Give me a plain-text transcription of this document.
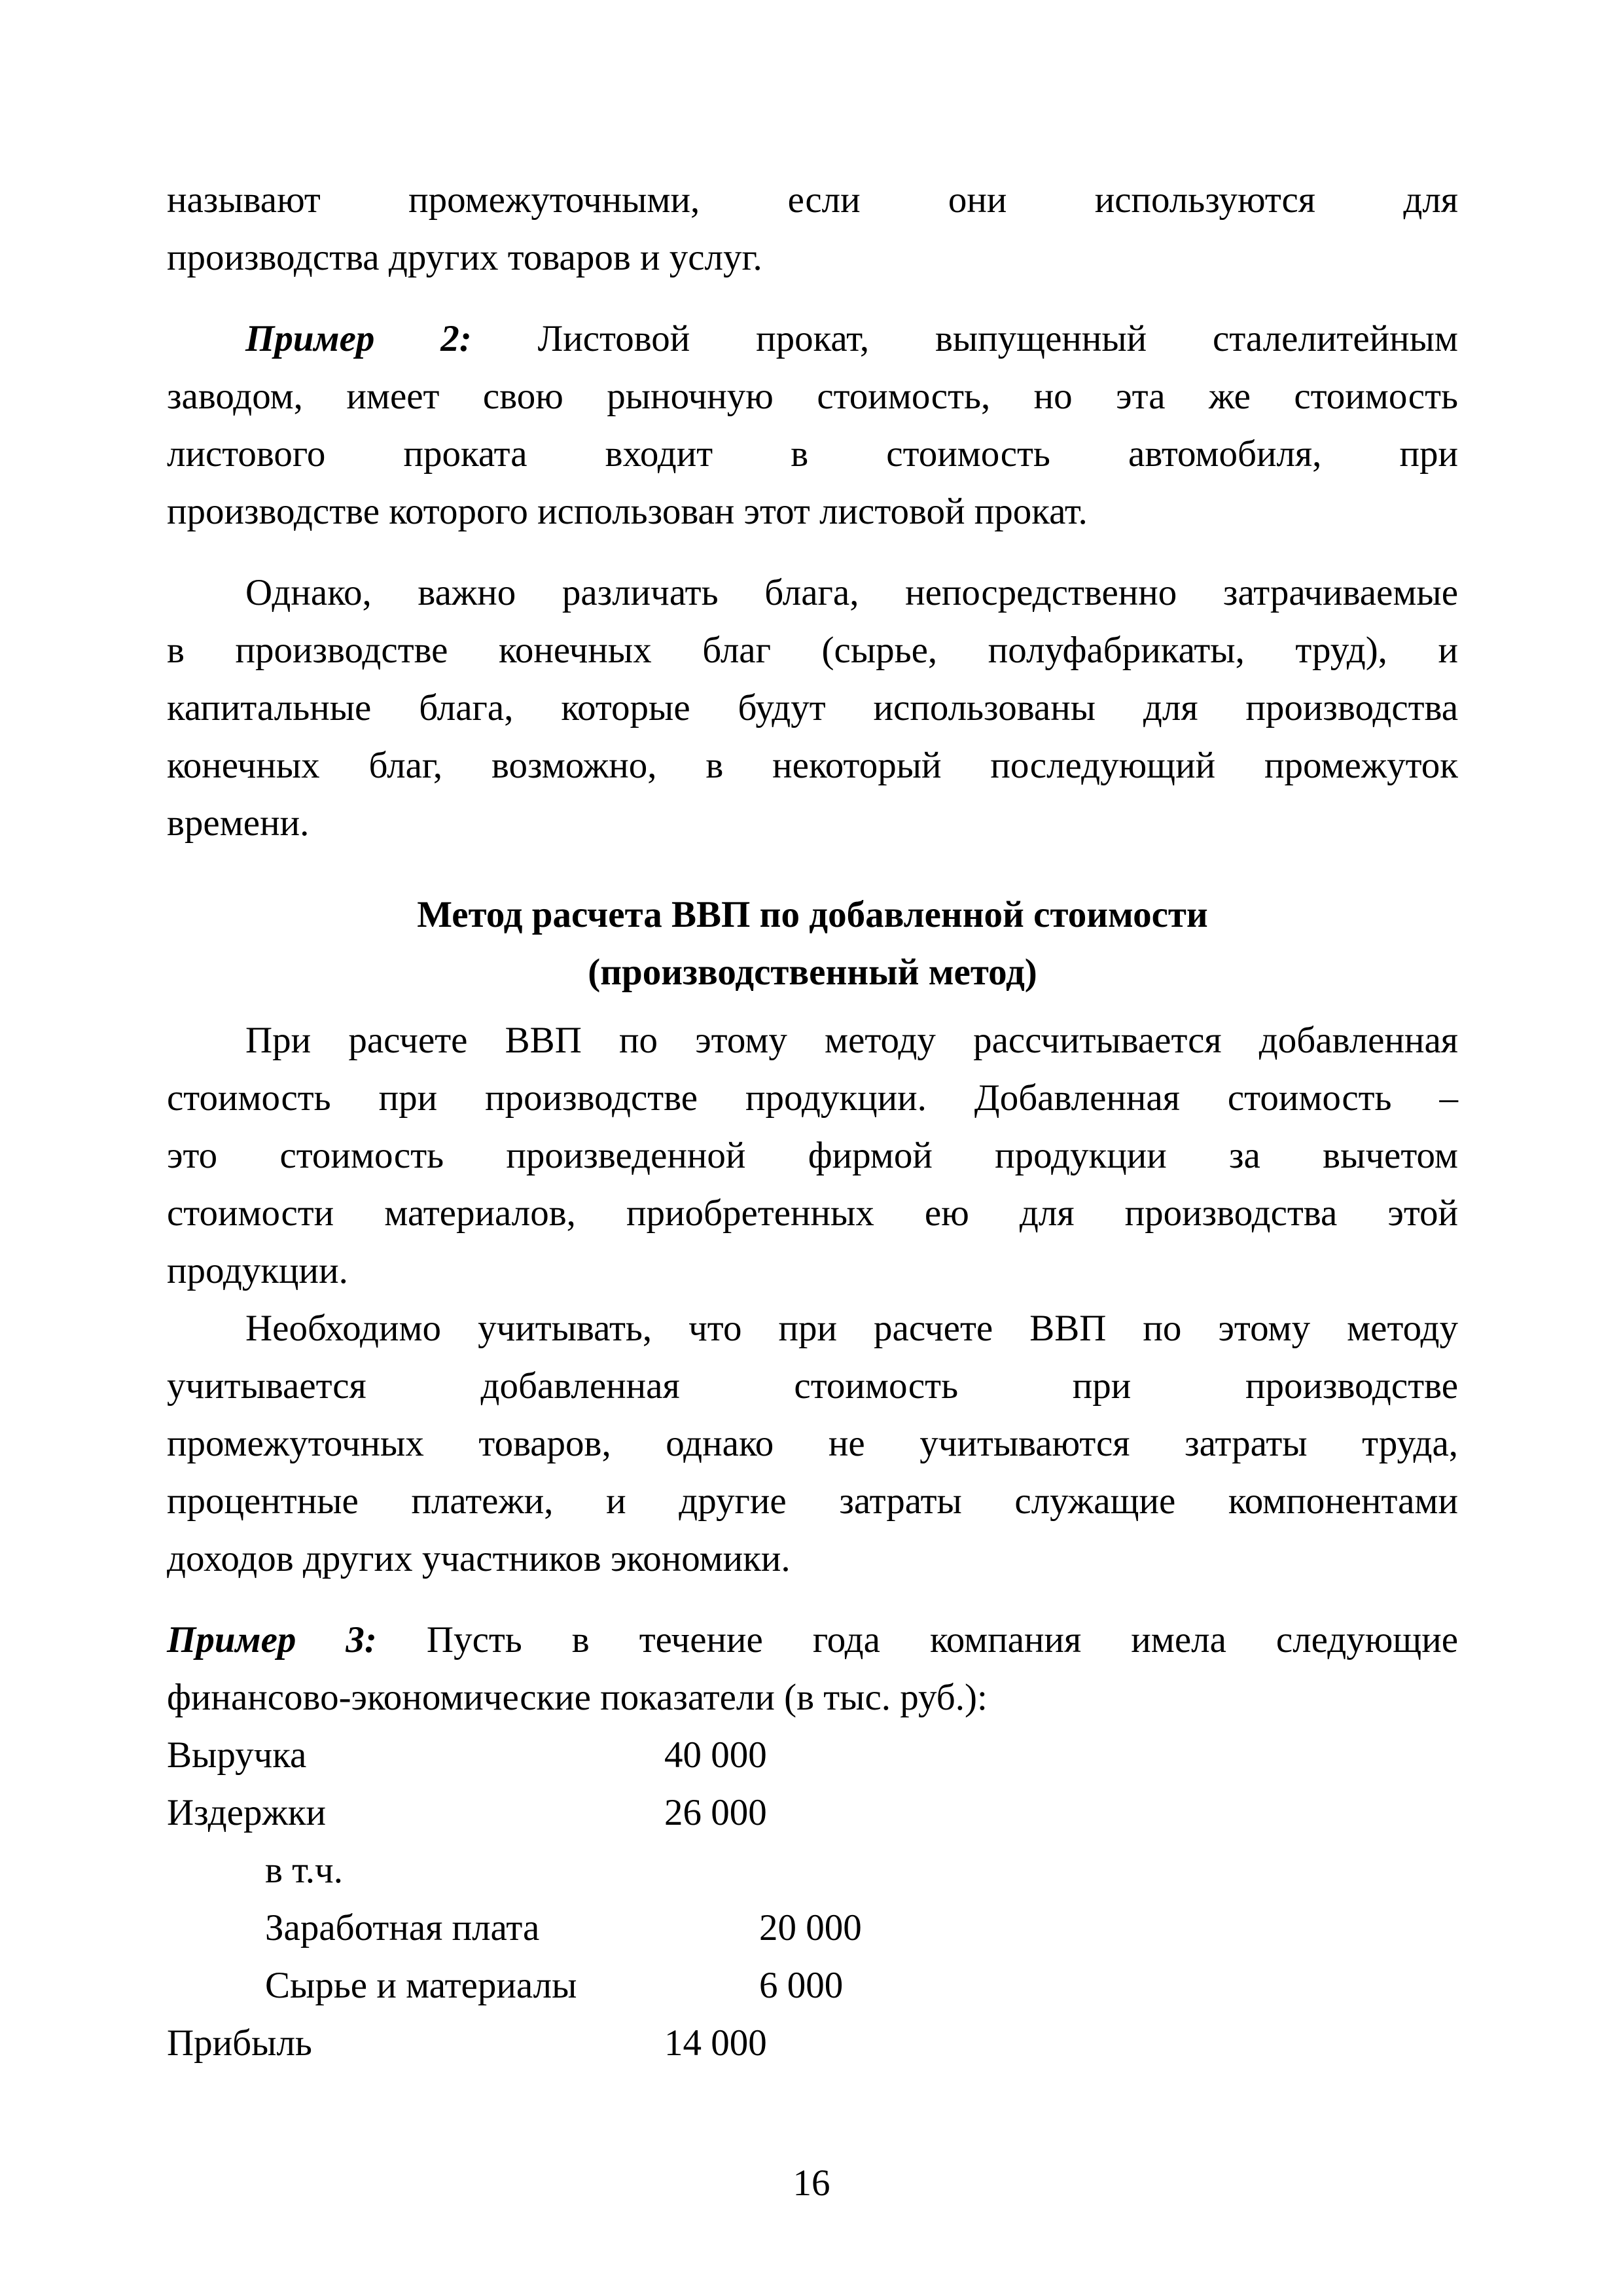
называют промежуточными, если они используются для
производства других товаров и услуг.
Пример 2: Листовой прокат, выпущенный сталелитейным
заводом, имеет свою рыночную стоимость, но эта же стоимость
листового проката входит в стоимость автомобиля, при
производстве которого использован этот листовой прокат.
Однако, важно различать блага, непосредственно затрачиваемые
в производстве конечных благ (сырье, полуфабрикаты, труд), и
капитальные блага, которые будут использованы для производства
конечных благ, возможно, в некоторый последующий промежуток
времени.
Метод расчета ВВП по добавленной стоимости
(производственный метод)
При расчете ВВП по этому методу рассчитывается добавленная
стоимость при производстве продукции. Добавленная стоимость –
это стоимость произведенной фирмой продукции за вычетом
стоимости материалов, приобретенных ею для производства этой
продукции.
Необходимо учитывать, что при расчете ВВП по этому методу
учитывается добавленная стоимость при производстве
промежуточных товаров, однако не учитываются затраты труда,
процентные платежи, и другие затраты служащие компонентами
доходов других участников экономики.
Пример 3: Пусть в течение года компания имела следующие
финансово-экономические показатели (в тыс. руб.):
Выручка	40 000
Издержки	26 000
в т.ч.
Заработная плата	20 000
Сырье и материалы	6 000
Прибыль	14 000
16
